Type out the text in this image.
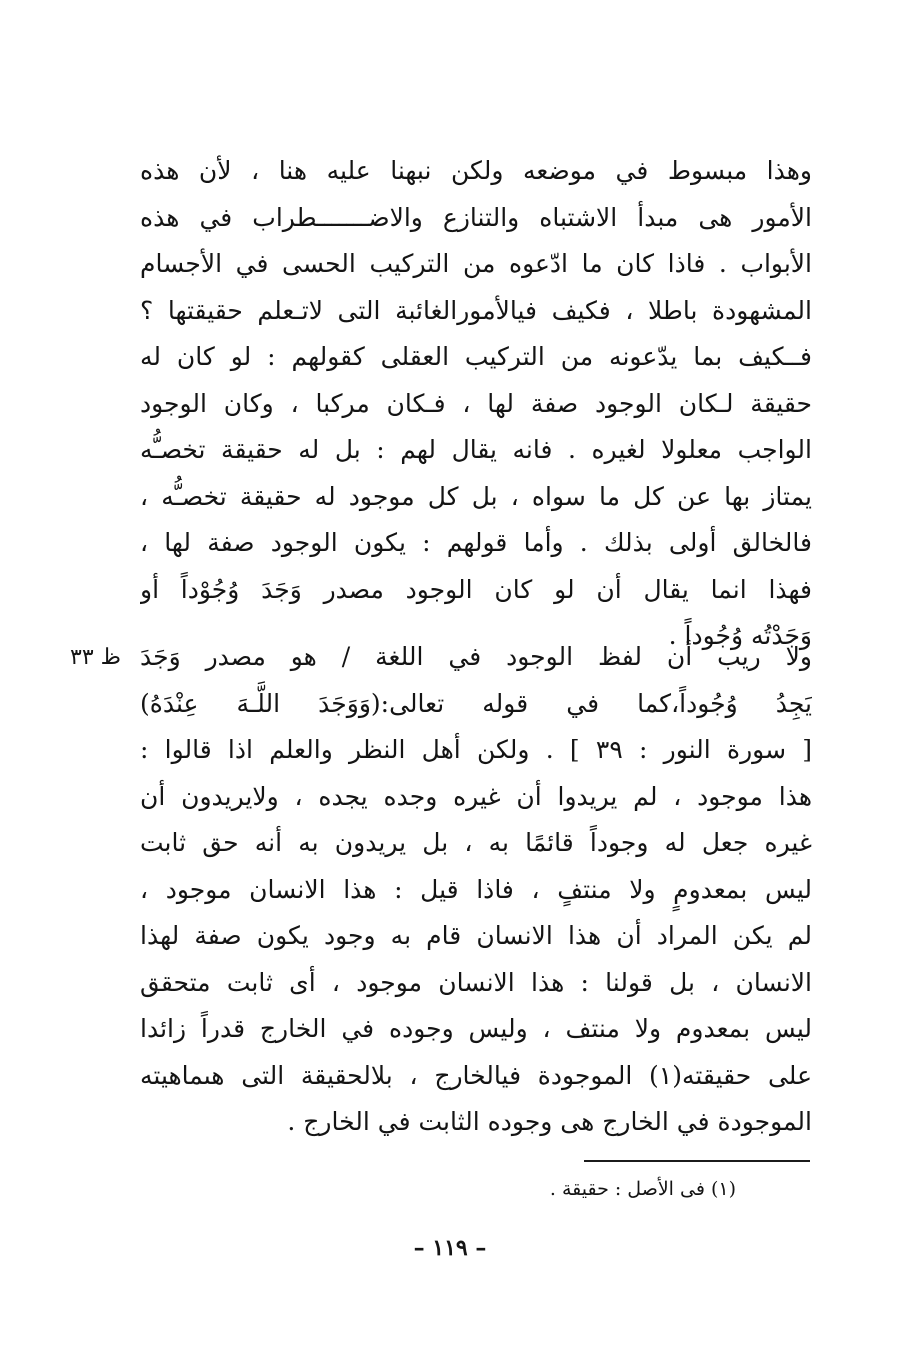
وهذا مبسوط في موضعه ولكن نبهنا عليه هنا ، لأن هذه
الأمور هى مبدأ الاشتباه والتنازع والاضـــــــطراب في هذه
الأبواب . فاذا كان ما ادّعوه من التركيب الحسى في الأجسام
المشهودة باطلا ، فكيف فيالأمورالغائبة التى لاتـعلم حقيقتها ؟
فــكيف بما يدّعونه من التركيب العقلى كقولهم : لو كان له
حقيقة لـكان الوجود صفة لها ، فـكان مركبا ، وكان الوجود
الواجب معلولا لغيره . فانه يقال لهم : بل له حقيقة تخصـُّه
يمتاز بها عن كل ما سواه ، بل كل موجود له حقيقة تخصـُّه ،
فالخالق أولى بذلك . وأما قولهم : يكون الوجود صفة لها ،
فهذا انما يقال أن لو كان الوجود مصدر وَجَدَ وُجُوْداً أو
وَجَدْتُه وُجُوداً .
ظ ٣٣ ولا ريب أن لفظ الوجود في اللغة / هو مصدر وَجَدَ
يَجِدُ وُجُوداً،كما في قوله تعالى:(وَوَجَدَ اللَّـهَ عِنْدَهُ)
[ سورة النور : ٣٩ ] . ولكن أهل النظر والعلم اذا قالوا :
هذا موجود ، لم يريدوا أن غيره وجده يجده ، ولايريدون أن
غيره جعل له وجوداً قائمًا به ، بل يريدون به أنه حق ثابت
ليس بمعدومٍ ولا منتفٍ ، فاذا قيل : هذا الانسان موجود ،
لم يكن المراد أن هذا الانسان قام به وجود يكون صفة لهذا
الانسان ، بل قولنا : هذا الانسان موجود ، أى ثابت متحقق
ليس بمعدوم ولا منتف ، وليس وجوده في الخارج قدراً زائدا
على حقيقته(١) الموجودة فيالخارج ، بلالحقيقة التى هىماهيته
الموجودة في الخارج هى وجوده الثابت في الخارج .
(١) فى الأصل : حقيقة .
– ١١٩ –
